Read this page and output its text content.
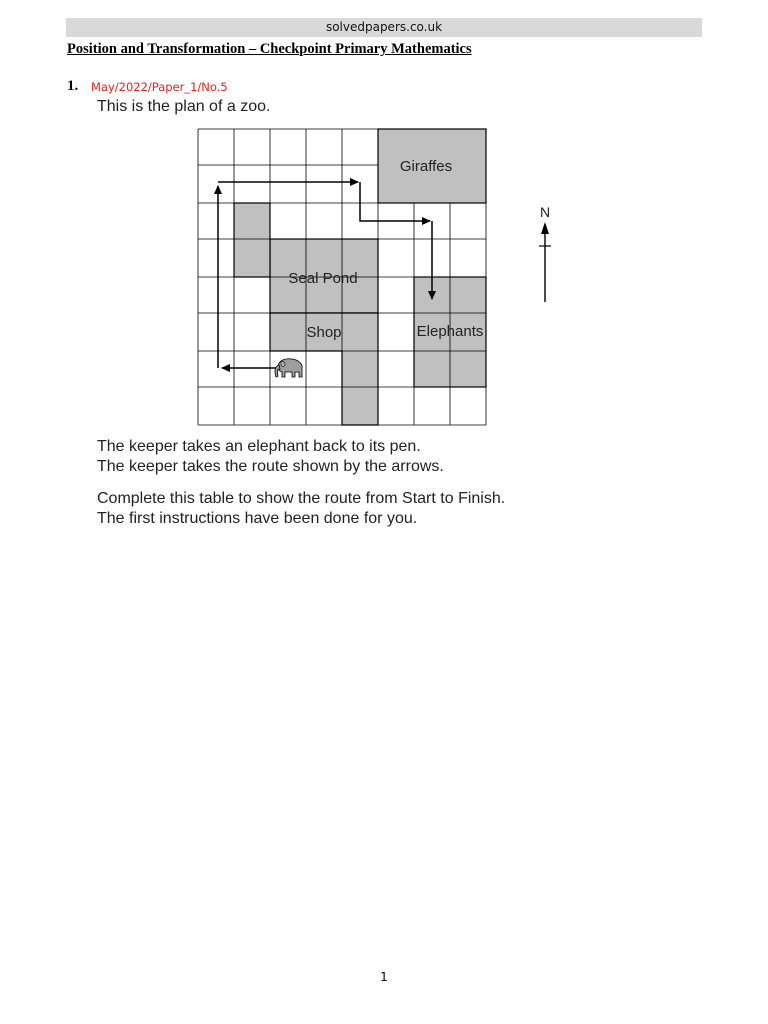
solvedpapers.co.uk
Position and Transformation – Checkpoint Primary Mathematics
1. May/2022/Paper_1/No.5
This is the plan of a zoo.
Giraffes
Seal Pond
Shop	Elephants
N
The keeper takes an elephant back to its pen.
The keeper takes the route shown by the arrows.
Complete this table to show the route from Start to Finish.
The first instructions have been done for you.
1
